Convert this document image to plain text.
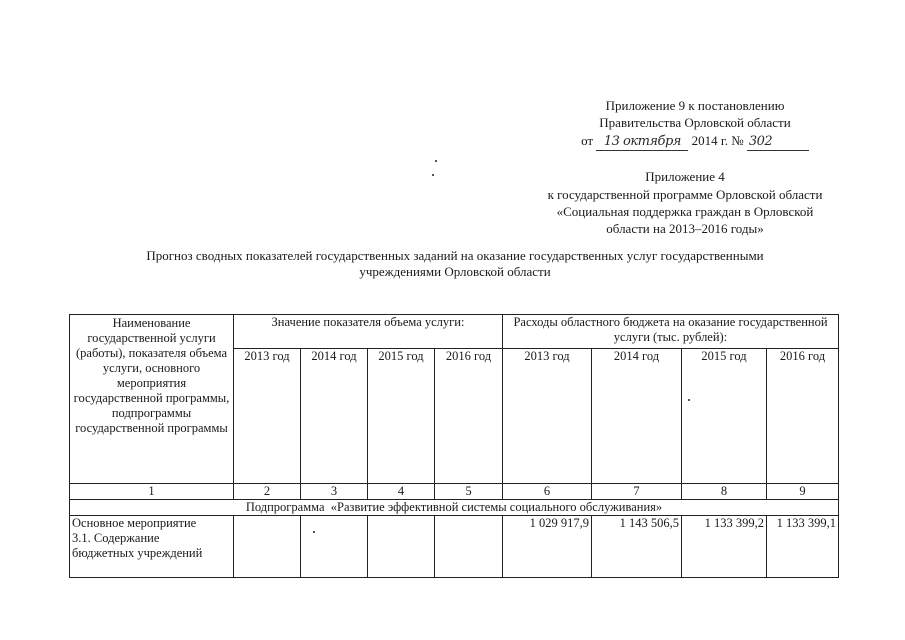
Приложение 9 к постановлению
Правительства Орловской области
от 13 октября 2014 г. № 302
Приложение 4
к государственной программе Орловской области
«Социальная поддержка граждан в Орловской
области на 2013–2016 годы»
Прогноз сводных показателей государственных заданий на оказание государственных услуг государственными
учреждениями Орловской области
Наименование государственной услуги (работы), показателя объема услуги, основного мероприятия государственной программы, подпрограммы государственной программы	Значение показателя объема услуги:				Расходы областного бюджета на оказание государственной услуги (тыс. рублей):			
	2013 год	2014 год	2015 год	2016 год	2013 год	2014 год	2015 год	2016 год
1	2	3	4	5	6	7	8	9
Подпрограмма  «Развитие эффективной системы социального обслуживания»								
Основное мероприятие 3.1. Содержание бюджетных учреждений					1 029 917,9	1 143 506,5	1 133 399,2	1 133 399,1
